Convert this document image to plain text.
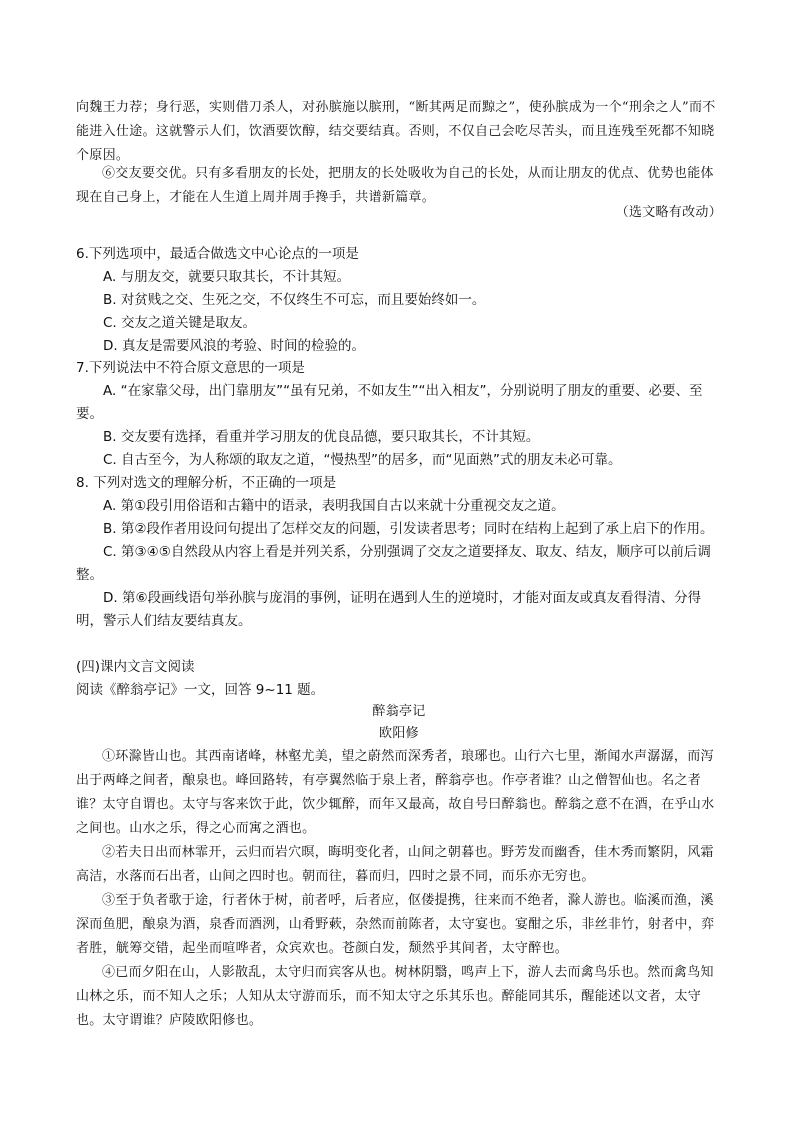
向魏王力荐；身行恶，实则借刀杀人，对孙膑施以膑刑，“断其两足而黥之”，使孙膑成为一个“刑余之人”而不能进入仕途。这就警示人们，饮酒要饮醇，结交要结真。否则，不仅自己会吃尽苦头，而且连残至死都不知晓个原因。

⑥交友要交优。只有多看朋友的长处，把朋友的长处吸收为自己的长处，从而让朋友的优点、优势也能体现在自己身上，才能在人生道上周并周手搀手，共谱新篇章。

（选文略有改动）

6.下列选项中，最适合做选文中心论点的一项是

A. 与朋友交，就要只取其长，不计其短。

B. 对贫贱之交、生死之交，不仅终生不可忘，而且要始终如一。

C. 交友之道关键是取友。

D. 真友是需要风浪的考验、时间的检验的。

7.下列说法中不符合原文意思的一项是

A. “在家靠父母，出门靠朋友”“虽有兄弟，不如友生”“出入相友”，分别说明了朋友的重要、必要、至要。

B. 交友要有选择，看重并学习朋友的优良品德，要只取其长，不计其短。

C. 自古至今，为人称颂的取友之道，“慢热型”的居多，而“见面熟”式的朋友未必可靠。

8. 下列对选文的理解分析，不正确的一项是

A. 第①段引用俗语和古籍中的语录，表明我国自古以来就十分重视交友之道。

B. 第②段作者用设问句提出了怎样交友的问题，引发读者思考；同时在结构上起到了承上启下的作用。

C. 第③④⑤自然段从内容上看是并列关系，分别强调了交友之道要择友、取友、结友，顺序可以前后调整。

D. 第⑥段画线语句举孙膑与庞涓的事例，证明在遇到人生的逆境时，才能对面友或真友看得清、分得明，警示人们结友要结真友。

(四)课内文言文阅读

阅读《醉翁亭记》一文，回答 9~11 题。

醉翁亭记

欧阳修

①环滁皆山也。其西南诸峰，林壑尤美，望之蔚然而深秀者，琅琊也。山行六七里，渐闻水声潺潺，而泻出于两峰之间者，酿泉也。峰回路转，有亭翼然临于泉上者，醉翁亭也。作亭者谁？山之僧智仙也。名之者谁？太守自谓也。太守与客来饮于此，饮少辄醉，而年又最高，故自号曰醉翁也。醉翁之意不在酒，在乎山水之间也。山水之乐，得之心而寓之酒也。

②若夫日出而林霏开，云归而岩穴暝，晦明变化者，山间之朝暮也。野芳发而幽香，佳木秀而繁阴，风霜高洁，水落而石出者，山间之四时也。朝而往，暮而归，四时之景不同，而乐亦无穷也。

③至于负者歌于途，行者休于树，前者呼，后者应，伛偻提携，往来而不绝者，滁人游也。临溪而渔，溪深而鱼肥，酿泉为酒，泉香而酒洌，山肴野蔌，杂然而前陈者，太守宴也。宴酣之乐，非丝非竹，射者中，弈者胜，觥筹交错，起坐而喧哗者，众宾欢也。苍颜白发，颓然乎其间者，太守醉也。

④已而夕阳在山，人影散乱，太守归而宾客从也。树林阴翳，鸣声上下，游人去而禽鸟乐也。然而禽鸟知山林之乐，而不知人之乐；人知从太守游而乐，而不知太守之乐其乐也。醉能同其乐，醒能述以文者，太守也。太守谓谁？庐陵欧阳修也。
